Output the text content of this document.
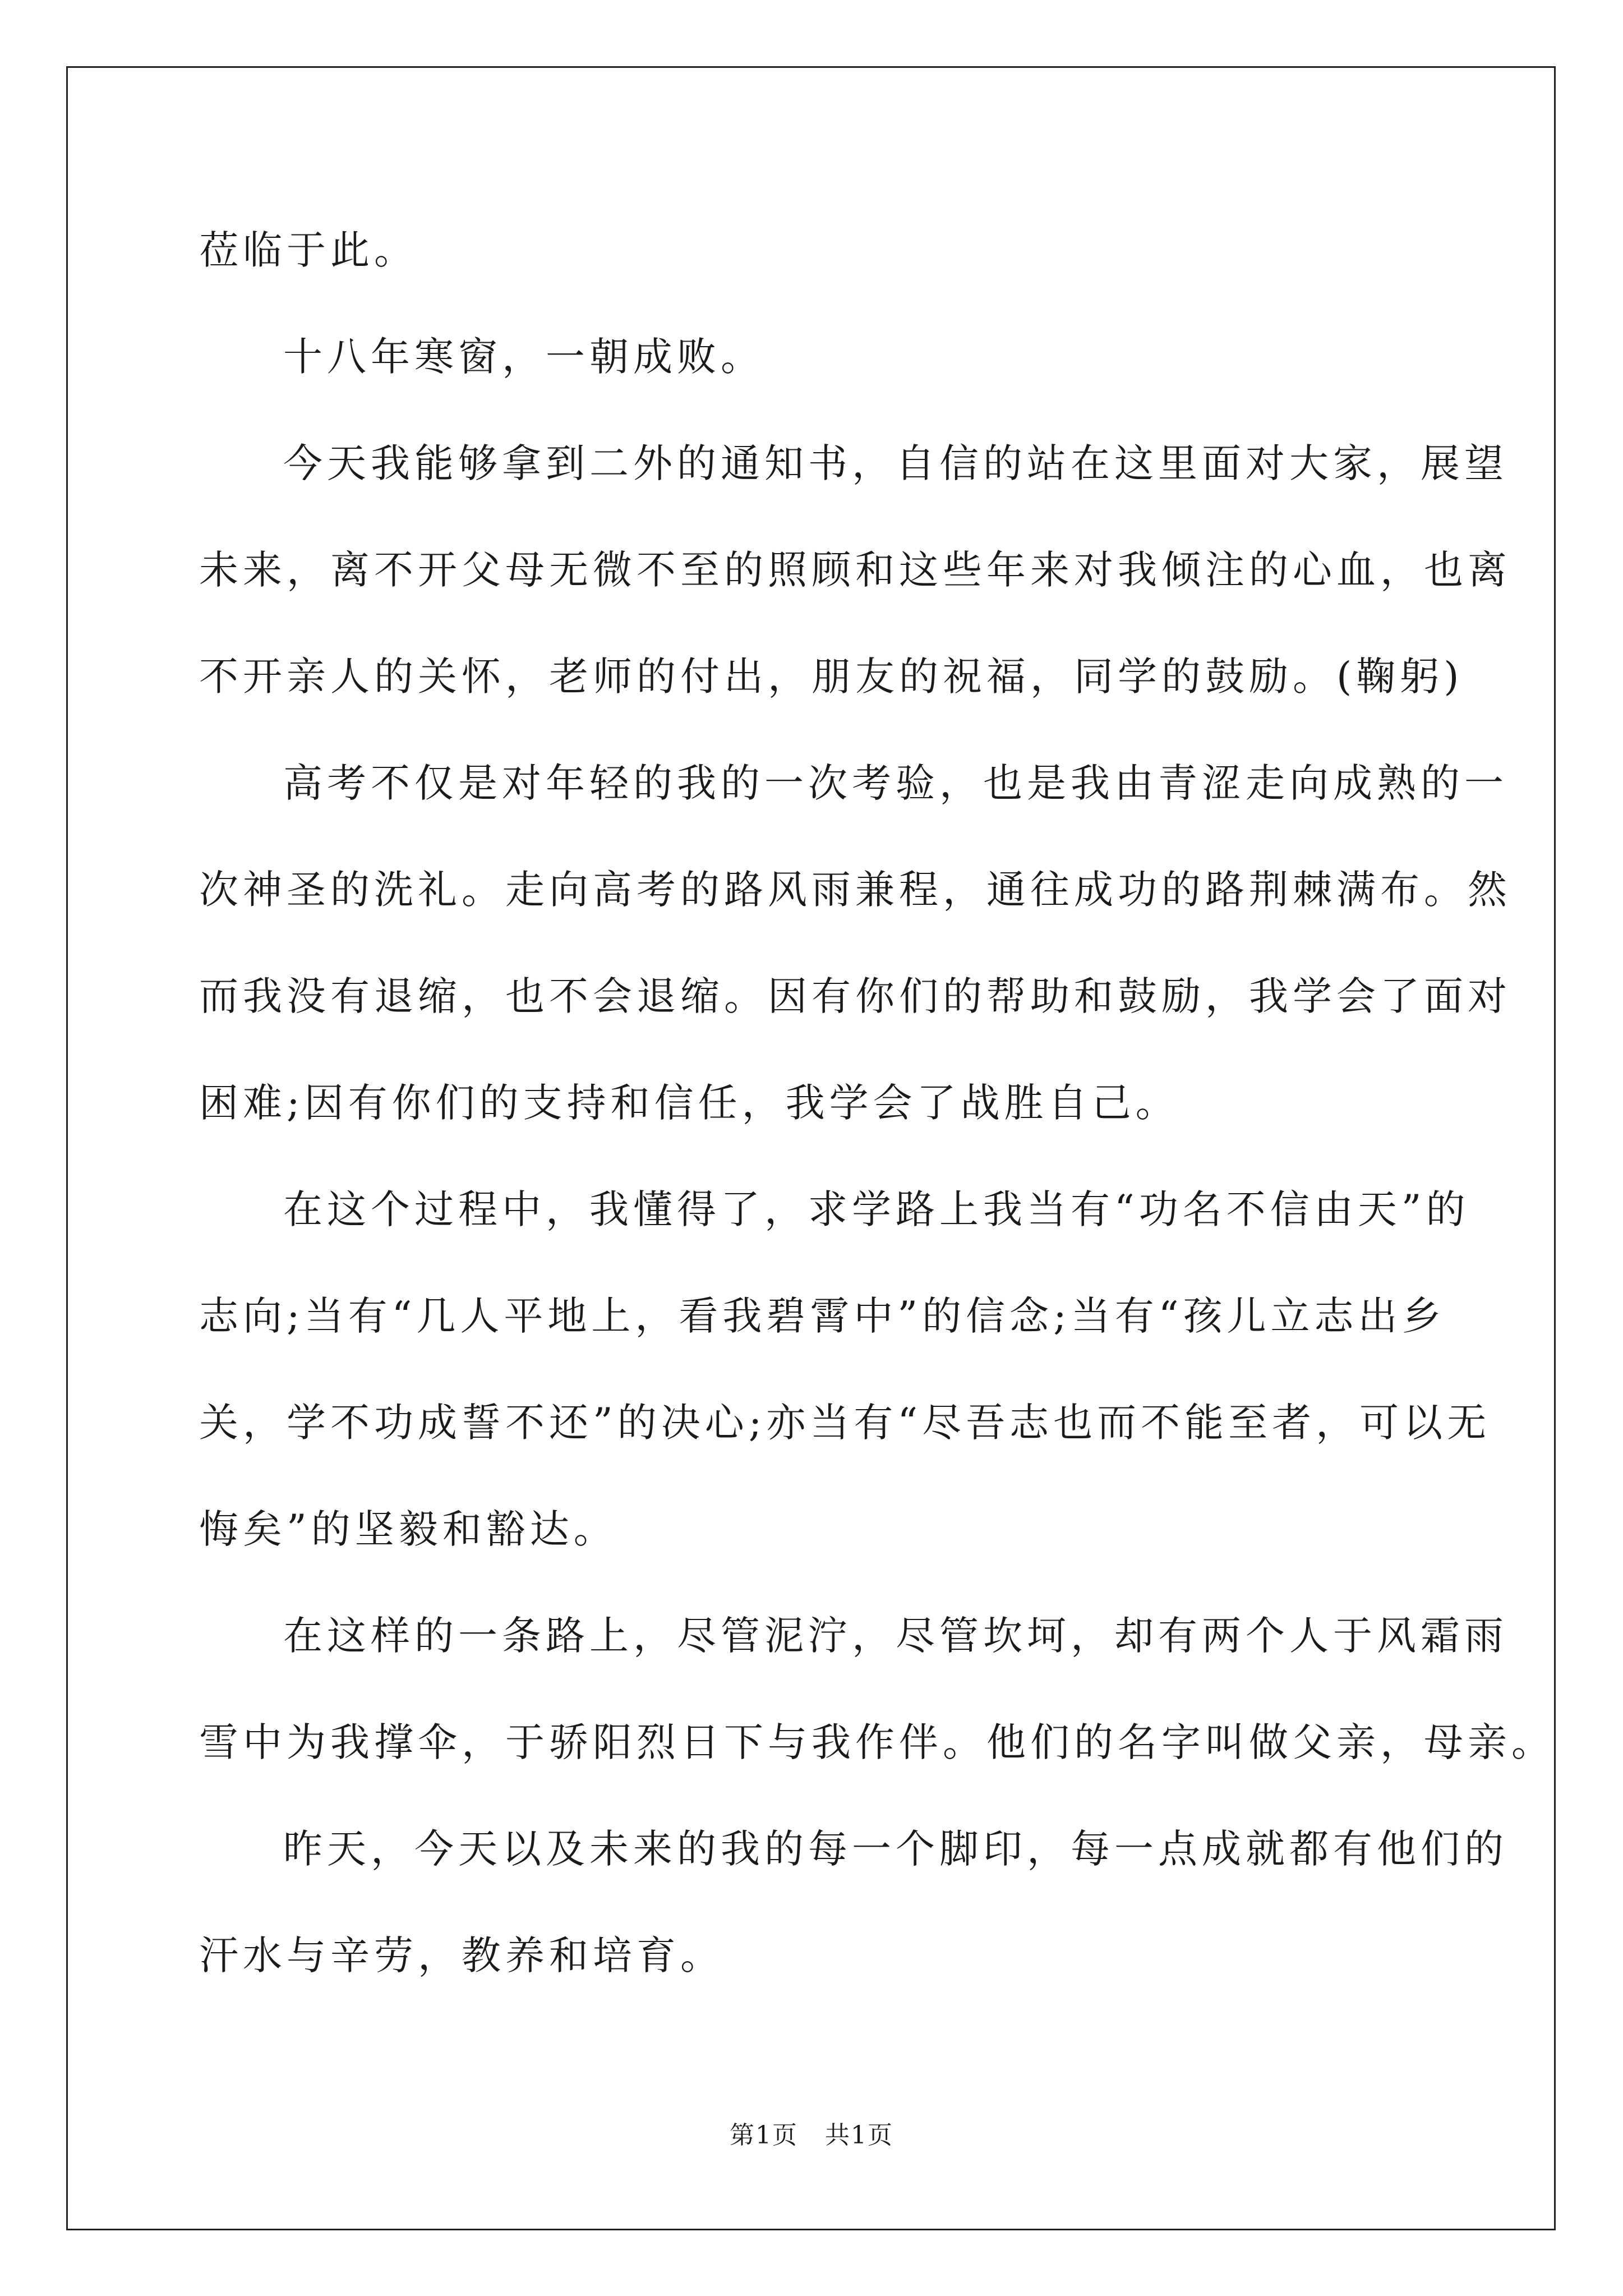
莅临于此。
十八年寒窗，一朝成败。
今天我能够拿到二外的通知书，自信的站在这里面对大家，展望
未来，离不开父母无微不至的照顾和这些年来对我倾注的心血，也离
不开亲人的关怀，老师的付出，朋友的祝福，同学的鼓励。(鞠躬)
高考不仅是对年轻的我的一次考验，也是我由青涩走向成熟的一
次神圣的洗礼。走向高考的路风雨兼程，通往成功的路荆棘满布。然
而我没有退缩，也不会退缩。因有你们的帮助和鼓励，我学会了面对
困难;因有你们的支持和信任，我学会了战胜自己。
在这个过程中，我懂得了，求学路上我当有“功名不信由天”的
志向;当有“几人平地上，看我碧霄中”的信念;当有“孩儿立志出乡
关，学不功成誓不还”的决心;亦当有“尽吾志也而不能至者，可以无
悔矣”的坚毅和豁达。
在这样的一条路上，尽管泥泞，尽管坎坷，却有两个人于风霜雨
雪中为我撑伞，于骄阳烈日下与我作伴。他们的名字叫做父亲，母亲。
昨天，今天以及未来的我的每一个脚印，每一点成就都有他们的
汗水与辛劳，教养和培育。
第1页   共1页
